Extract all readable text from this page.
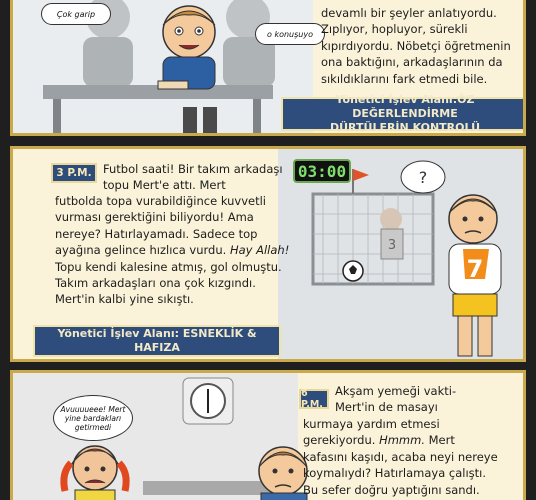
Çok garip
o konuşuyo
devamlı bir şeyler anlatıyordu.
Zıplıyor, hopluyor, sürekli
kıpırdıyordu. Nöbetçi öğretmenin
ona baktığını, arkadaşlarının da
sıkıldıklarını fark etmedi bile.
Yönetici İşlev Alanı:ÖZ DEĞERLENDİRME
DÜRTÜLERİN KONTROLÜ
3
?
7
3 P.M.	03:00
Futbol saati! Bir takım arkadaşı
topu Mert'e attı. Mert
futbolda topa vurabildiğince kuvvetli
vurması gerektiğini biliyordu! Ama
nereye? Hatırlayamadı. Sadece top
ayağına gelince hızlıca vurdu. Hay Allah!
Topu kendi kalesine atmış, gol olmuştu.
Takım arkadaşları ona çok kızgındı.
Mert'in kalbi yine sıkıştı.
Yönetici İşlev Alanı: ESNEKLİK & HAFIZA
Avuuuueee! Mert yine bardakları getirmedi
6 P.M.
Akşam yemeği vakti-
Mert'in de masayı
kurmaya yardım etmesi
gerekiyordu. Hmmm. Mert
kafasını kaşıdı, acaba neyi nereye
koymalıydı? Hatırlamaya çalıştı.
Bu sefer doğru yaptığını sandı.
